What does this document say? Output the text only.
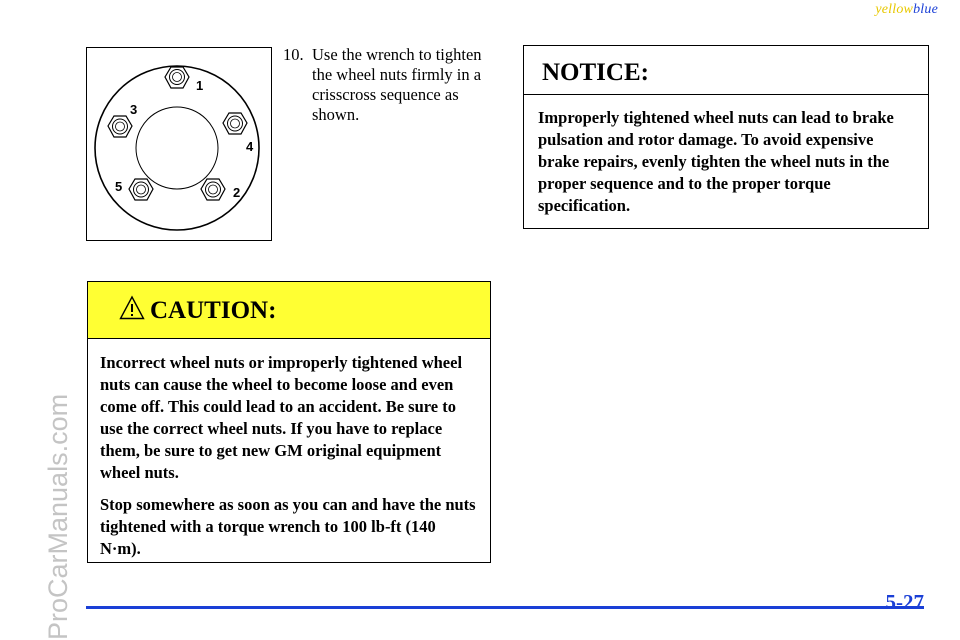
yellowblue
ProCarManuals.com
1
2
3
4
5
10. Use the wrench to tighten the wheel nuts firmly in a crisscross sequence as shown.
CAUTION:

Incorrect wheel nuts or improperly tightened wheel nuts can cause the wheel to become loose and even come off. This could lead to an accident. Be sure to use the correct wheel nuts. If you have to replace them, be sure to get new GM original equipment wheel nuts.

Stop somewhere as soon as you can and have the nuts tightened with a torque wrench to 100 lb-ft (140 N·m).

NOTICE:

Improperly tightened wheel nuts can lead to brake pulsation and rotor damage. To avoid expensive brake repairs, evenly tighten the wheel nuts in the proper sequence and to the proper torque specification.

5-27
